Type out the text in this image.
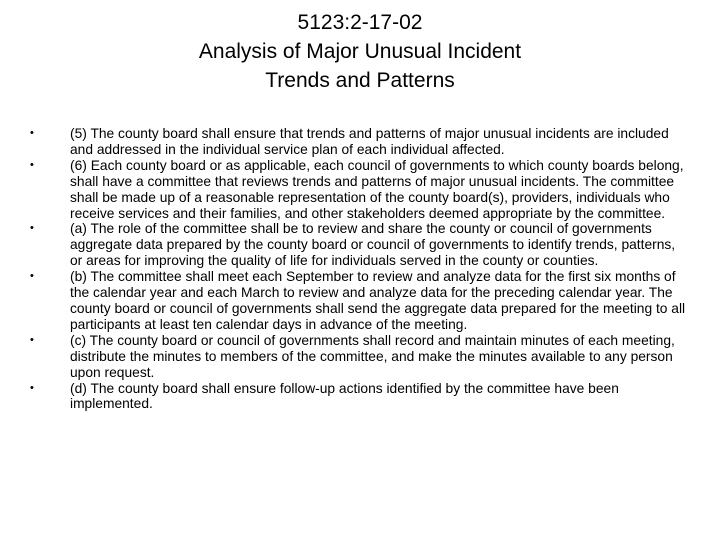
5123:2-17-02
Analysis of Major Unusual Incident
Trends and Patterns
•	(5) The county board shall ensure that trends and patterns of major unusual incidents are included and addressed in the individual service plan of each individual affected.
•	(6) Each county board or as applicable, each council of governments to which county boards belong, shall have a committee that reviews trends and patterns of major unusual incidents. The committee shall be made up of a reasonable representation of the county board(s), providers, individuals who receive services and their families, and other stakeholders deemed appropriate by the committee.
•	(a) The role of the committee shall be to review and share the county or council of governments aggregate data prepared by the county board or council of governments to identify trends, patterns, or areas for improving the quality of life for individuals served in the county or counties.
•	(b) The committee shall meet each September to review and analyze data for the first six months of the calendar year and each March to review and analyze data for the preceding calendar year. The county board or council of governments shall send the aggregate data prepared for the meeting to all participants at least ten calendar days in advance of the meeting.
•	(c) The county board or council of governments shall record and maintain minutes of each meeting, distribute the minutes to members of the committee, and make the minutes available to any person upon request.
•	(d) The county board shall ensure follow-up actions identified by the committee have been implemented.
